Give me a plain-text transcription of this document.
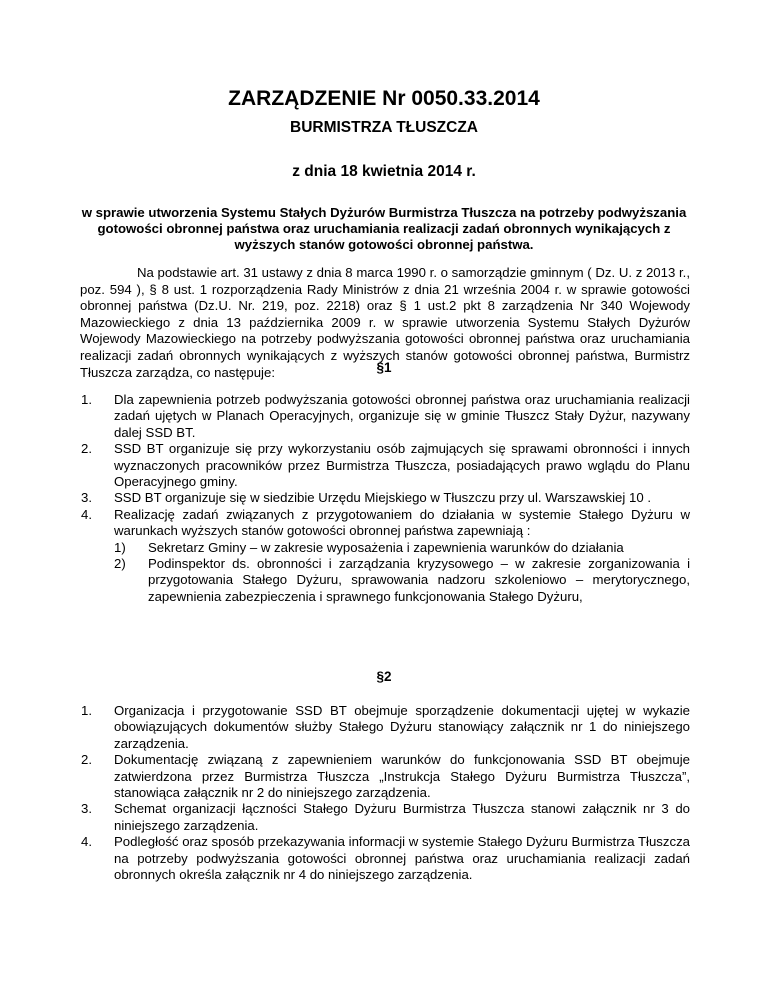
ZARZĄDZENIE Nr 0050.33.2014
BURMISTRZA TŁUSZCZA
z dnia 18 kwietnia 2014 r.

w sprawie utworzenia Systemu Stałych Dyżurów Burmistrza Tłuszcza na potrzeby podwyższania gotowości obronnej państwa oraz uruchamiania realizacji zadań obronnych wynikających z wyższych stanów gotowości obronnej państwa.

Na podstawie art. 31 ustawy z dnia 8 marca 1990 r. o samorządzie gminnym ( Dz. U. z 2013 r., poz. 594 ), § 8 ust. 1 rozporządzenia Rady Ministrów z dnia 21 września 2004 r. w sprawie gotowości obronnej państwa (Dz.U. Nr. 219, poz. 2218) oraz § 1 ust.2 pkt 8 zarządzenia Nr 340 Wojewody Mazowieckiego z dnia 13 października 2009 r. w sprawie utworzenia Systemu Stałych Dyżurów Wojewody Mazowieckiego na potrzeby podwyższania gotowości obronnej państwa oraz uruchamiania realizacji zadań obronnych wynikających z wyższych stanów gotowości obronnej państwa, Burmistrz Tłuszcza zarządza, co następuje:	§1
1. Dla zapewnienia potrzeb podwyższania gotowości obronnej państwa oraz uruchamiania realizacji zadań ujętych w Planach Operacyjnych, organizuje się w gminie Tłuszcz Stały Dyżur, nazywany dalej SSD BT.
2. SSD BT organizuje się przy wykorzystaniu osób zajmujących się sprawami obronności i innych wyznaczonych pracowników przez Burmistrza Tłuszcza, posiadających prawo wglądu do Planu Operacyjnego gminy.
3. SSD BT organizuje się w siedzibie Urzędu Miejskiego w Tłuszczu przy ul. Warszawskiej 10 .
4. Realizację zadań związanych z przygotowaniem do działania w systemie Stałego Dyżuru w warunkach wyższych stanów gotowości obronnej państwa zapewniają :
1) Sekretarz Gminy – w zakresie wyposażenia i zapewnienia warunków do działania
2) Podinspektor ds. obronności i zarządzania kryzysowego – w zakresie zorganizowania i przygotowania Stałego Dyżuru, sprawowania nadzoru szkoleniowo – merytorycznego, zapewnienia zabezpieczenia i sprawnego funkcjonowania Stałego Dyżuru,
§2
1. Organizacja i przygotowanie SSD BT obejmuje sporządzenie dokumentacji ujętej w wykazie obowiązujących dokumentów służby Stałego Dyżuru stanowiący załącznik nr 1 do niniejszego zarządzenia.
2. Dokumentację związaną z zapewnieniem warunków do funkcjonowania SSD BT obejmuje zatwierdzona przez Burmistrza Tłuszcza „Instrukcja Stałego Dyżuru Burmistrza Tłuszcza”, stanowiąca załącznik nr 2 do niniejszego zarządzenia.
3. Schemat organizacji łączności Stałego Dyżuru Burmistrza Tłuszcza stanowi załącznik nr 3 do niniejszego zarządzenia.
4. Podległość oraz sposób przekazywania informacji w systemie Stałego Dyżuru Burmistrza Tłuszcza na potrzeby podwyższania gotowości obronnej państwa oraz uruchamiania realizacji zadań obronnych określa załącznik nr 4 do niniejszego zarządzenia.
